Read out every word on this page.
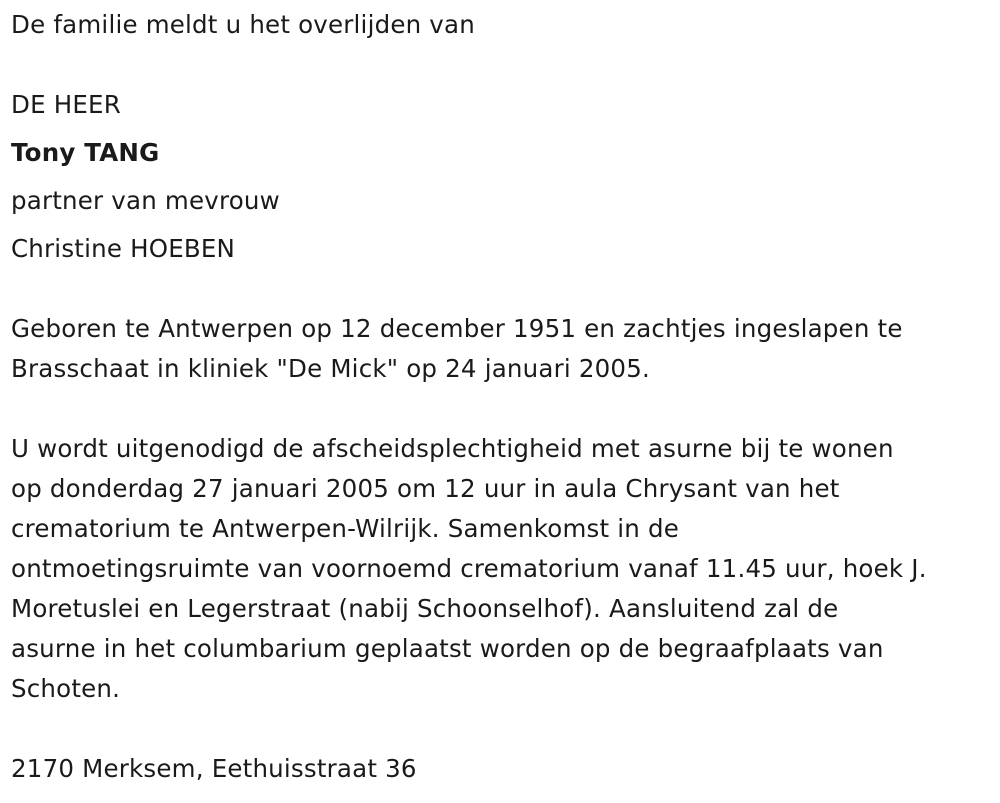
De familie meldt u het overlijden van
DE HEER
Tony TANG
partner van mevrouw
Christine HOEBEN
Geboren te Antwerpen op 12 december 1951 en zachtjes ingeslapen te
Brasschaat in kliniek "De Mick" op 24 januari 2005.
U wordt uitgenodigd de afscheidsplechtigheid met asurne bij te wonen
op donderdag 27 januari 2005 om 12 uur in aula Chrysant van het
crematorium te Antwerpen-Wilrijk. Samenkomst in de
ontmoetingsruimte van voornoemd crematorium vanaf 11.45 uur, hoek J.
Moretuslei en Legerstraat (nabij Schoonselhof). Aansluitend zal de
asurne in het columbarium geplaatst worden op de begraafplaats van
Schoten.
2170 Merksem, Eethuisstraat 36
